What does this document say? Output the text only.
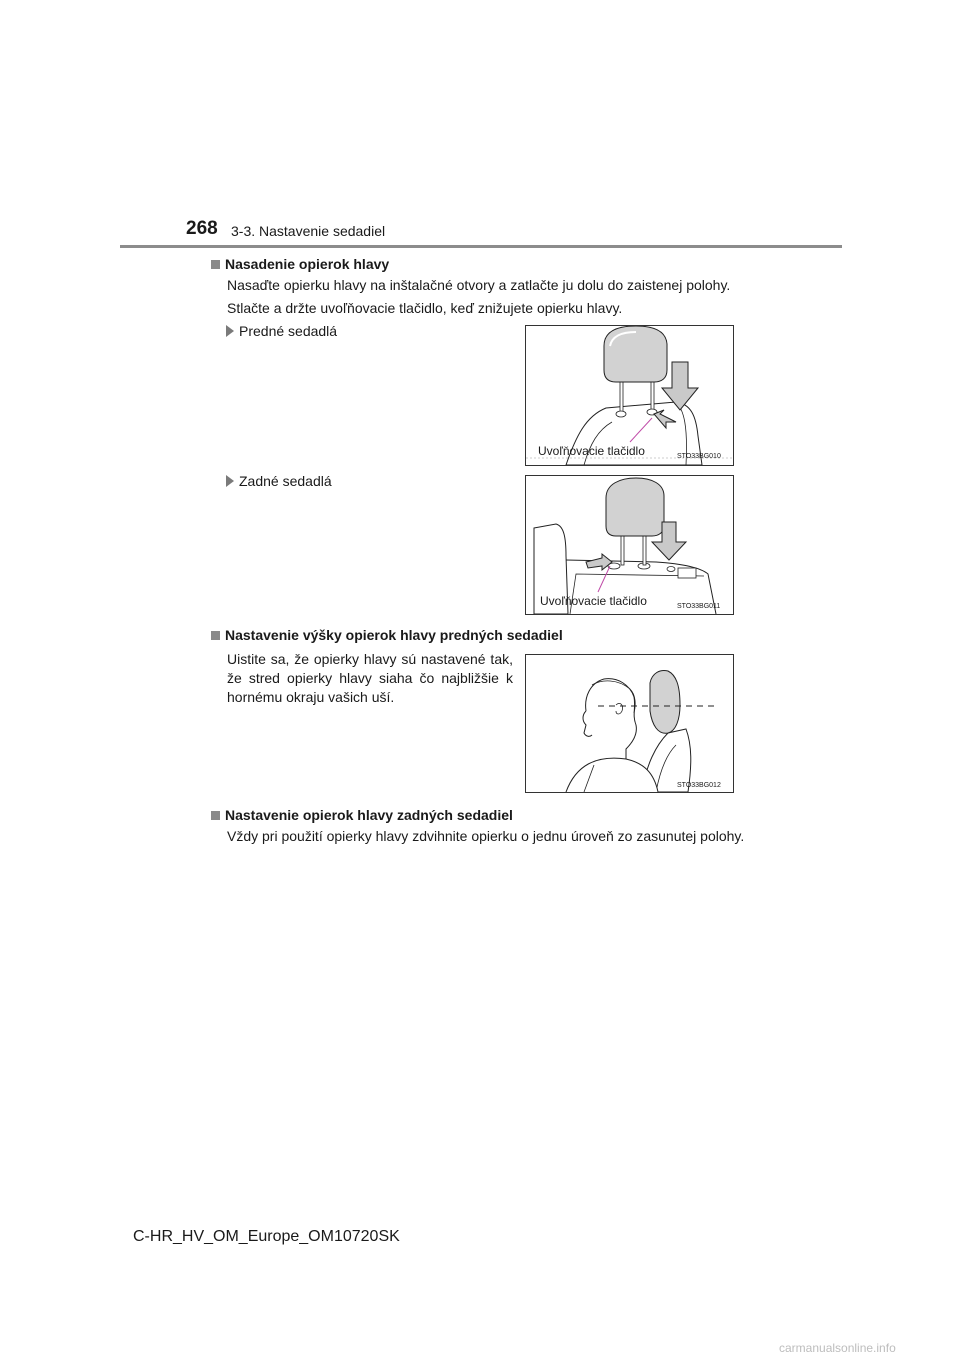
268 3-3. Nastavenie sedadiel
Nasadenie opierok hlavy
Nasaďte opierku hlavy na inštalačné otvory a zatlačte ju dolu do zaistenej polohy.
Stlačte a držte uvoľňovacie tlačidlo, keď znižujete opierku hlavy.
Predné sedadlá
Uvoľňovacie tlačidlo	STO33BG010
Zadné sedadlá
Uvoľňovacie tlačidlo	STO33BG011
Nastavenie výšky opierok hlavy predných sedadiel
Uistite sa, že opierky hlavy sú nastavené tak, že stred opierky hlavy siaha čo najbližšie k hornému okraju vašich uší.
STO33BG012
Nastavenie opierok hlavy zadných sedadiel
Vždy pri použití opierky hlavy zdvihnite opierku o jednu úroveň zo zasunutej polohy.
C-HR_HV_OM_Europe_OM10720SK
carmanualsonline.info
